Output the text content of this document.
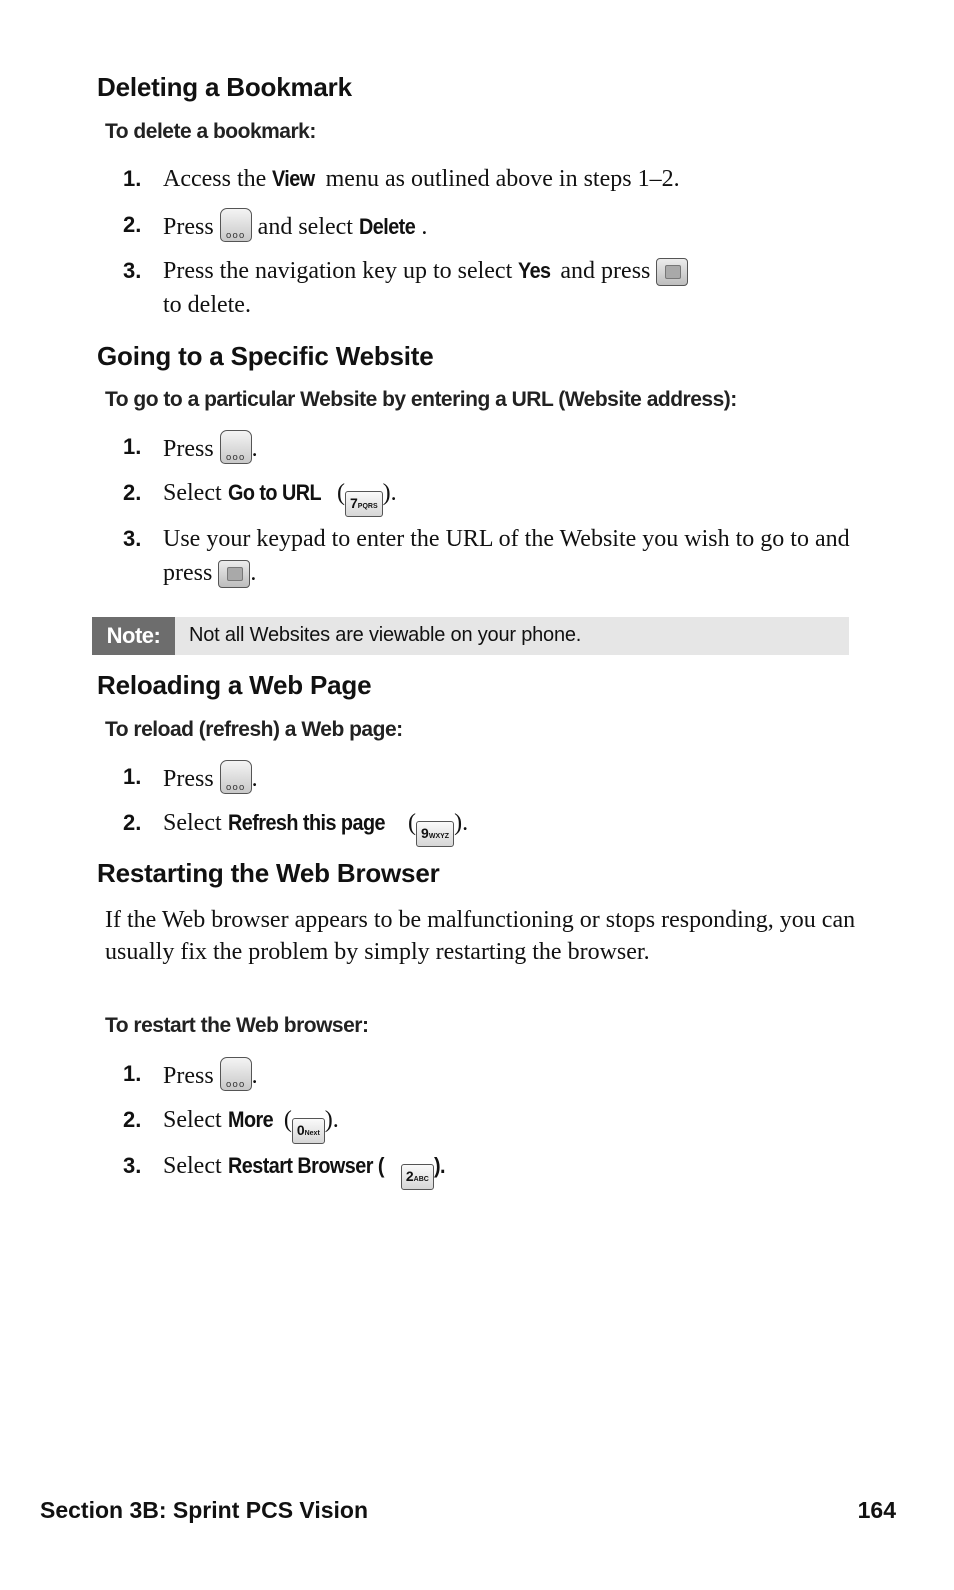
Deleting a Bookmark
To delete a bookmark:
1. Access the View menu as outlined above in steps 1–2.
2. Press	ooo and select Delete .
3. Press the navigation key up to select Yes and press

to delete.
Going to a Specific Website
To go to a particular Website by entering a URL (Website address):
1. Press	ooo .
2. Select Go to URL ( 7PQRS).
3. Use your keypad to enter the URL of the Website you wish to go to and press .
Note:	Not all Websites are viewable on your phone.
Reloading a Web Page
To reload (refresh) a Web page:
1. Press	ooo .
2. Select Refresh this page ( 9WXYZ).
Restarting the Web Browser
If the Web browser appears to be malfunctioning or stops responding, you can usually fix the problem by simply restarting the browser.
To restart the Web browser:
1. Press	ooo .
2. Select More ( 0Next).
3. Select Restart Browser ( 2ABC).
Section 3B: Sprint PCS Vision	164
